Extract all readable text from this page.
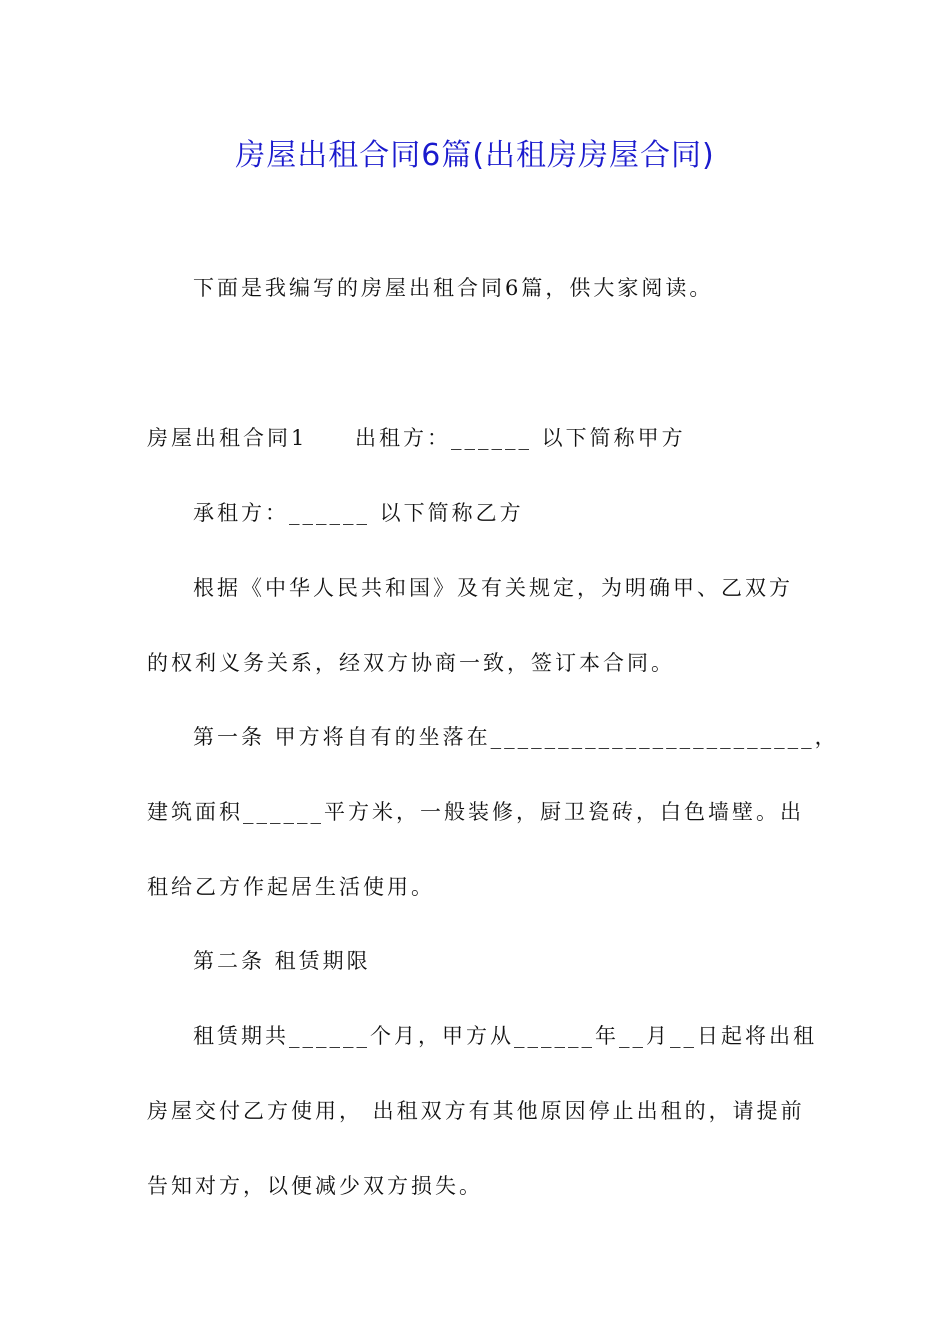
房屋出租合同6篇(出租房房屋合同)
下面是我编写的房屋出租合同6篇，供大家阅读。
房屋出租合同1 出租方：______ 以下简称甲方
承租方：______ 以下简称乙方
根据《中华人民共和国》及有关规定，为明确甲、乙双方
的权利义务关系，经双方协商一致，签订本合同。
第一条 甲方将自有的坐落在________________________，
建筑面积______平方米，一般装修，厨卫瓷砖，白色墙壁。出
租给乙方作起居生活使用。
第二条 租赁期限
租赁期共______个月，甲方从______年__月__日起将出租
房屋交付乙方使用， 出租双方有其他原因停止出租的，请提前
告知对方，以便减少双方损失。
